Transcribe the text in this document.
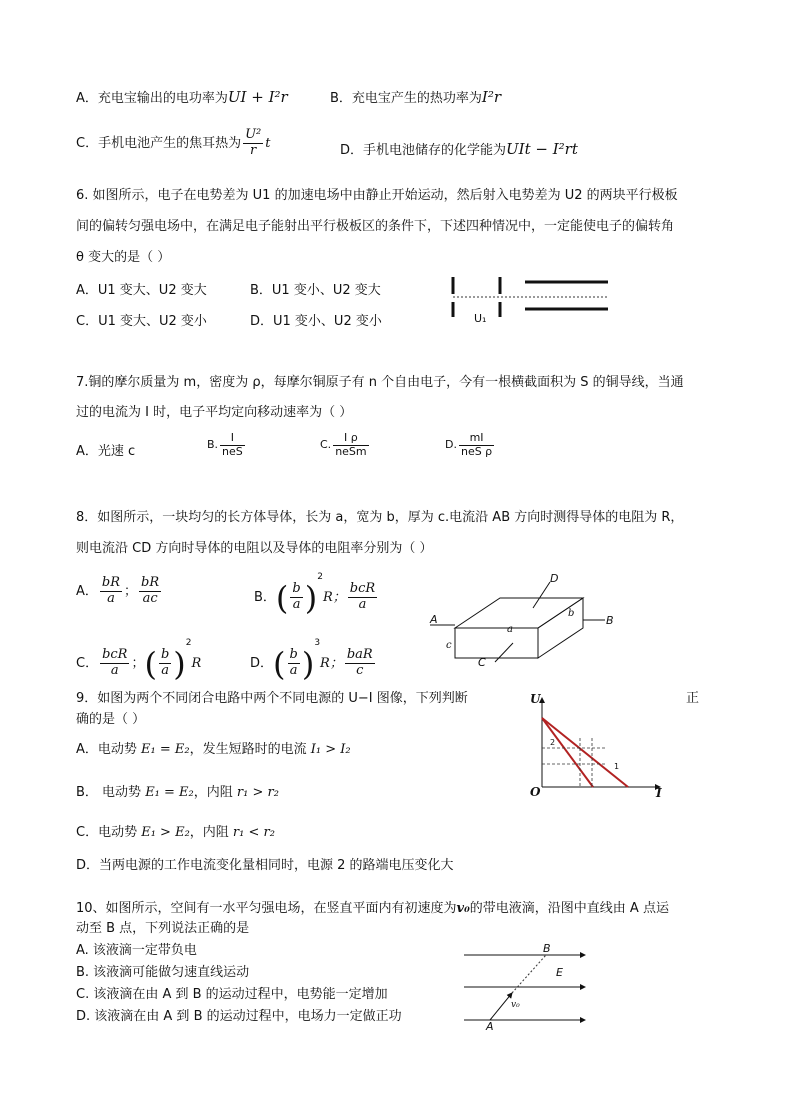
A．充电宝输出的电功率为UI + I²r	B．充电宝产生的热功率为I²r
C．手机电池产生的焦耳热为 $\frac{\text{U²}}{r}$ t	D．手机电池储存的化学能为UIt − I²rt
6. 如图所示，电子在电势差为 U1 的加速电场中由静止开始运动，然后射入电势差为 U2 的两块平行极板
间的偏转匀强电场中，在满足电子能射出平行极板区的条件下，下述四种情况中，一定能使电子的偏转角
θ 变大的是（ ）
A．U1 变大、U2 变大	B．U1 变小、U2 变大
C．U1 变大、U2 变小	D．U1 变小、U2 变小	U₁
7.铜的摩尔质量为 m，密度为 ρ，每摩尔铜原子有 n 个自由电子，今有一根横截面积为 S 的铜导线，当通
过的电流为 I 时，电子平均定向移动速率为（ ）
A．光速 c	B. $\frac{I}{\text{neS}}$	C. $\frac{\text{I ρ}}{\text{neSm}}$	D. $\frac{mI}{\text{neS ρ}}$
8．如图所示，一块均匀的长方体导体，长为 a，宽为 b，厚为 c.电流沿 AB 方向时测得导体的电阻为 R，
则电流沿 CD 方向时导体的电阻以及导体的电阻率分别为（ ）
A． $\frac{bR}{a}$ ； $\frac{bR}{ac}$	B．( $\frac{b}{a} )^2R$； $\frac{\text{bcR}}{a}$
C． $\frac{\text{bcR}}{a}$ ；( $\frac{b}{a} )^2R$	D．( $\frac{b}{a} )^3R$； $\frac{\text{baR}}{c}$
A	B
C
D
a
b
c
9．如图为两个不同闭合电路中两个不同电源的 U−I 图像，下列判断	正
确的是（ ）
A．电动势 E₁ = E₂，发生短路时的电流 I₁ > I₂
B． 电动势 E₁ = E₂，内阻 r₁ > r₂
C．电动势 E₁ > E₂，内阻 r₁ < r₂
D．当两电源的工作电流变化量相同时，电源 2 的路端电压变化大
U
I
O
1
2
10、如图所示，空间有一水平匀强电场，在竖直平面内有初速度为v₀的带电液滴，沿图中直线由 A 点运
动至 B 点，下列说法正确的是
A. 该液滴一定带负电
B. 该液滴可能做匀速直线运动
C. 该液滴在由 A 到 B 的运动过程中，电势能一定增加
D. 该液滴在由 A 到 B 的运动过程中，电场力一定做正功
B
E
v₀
A
